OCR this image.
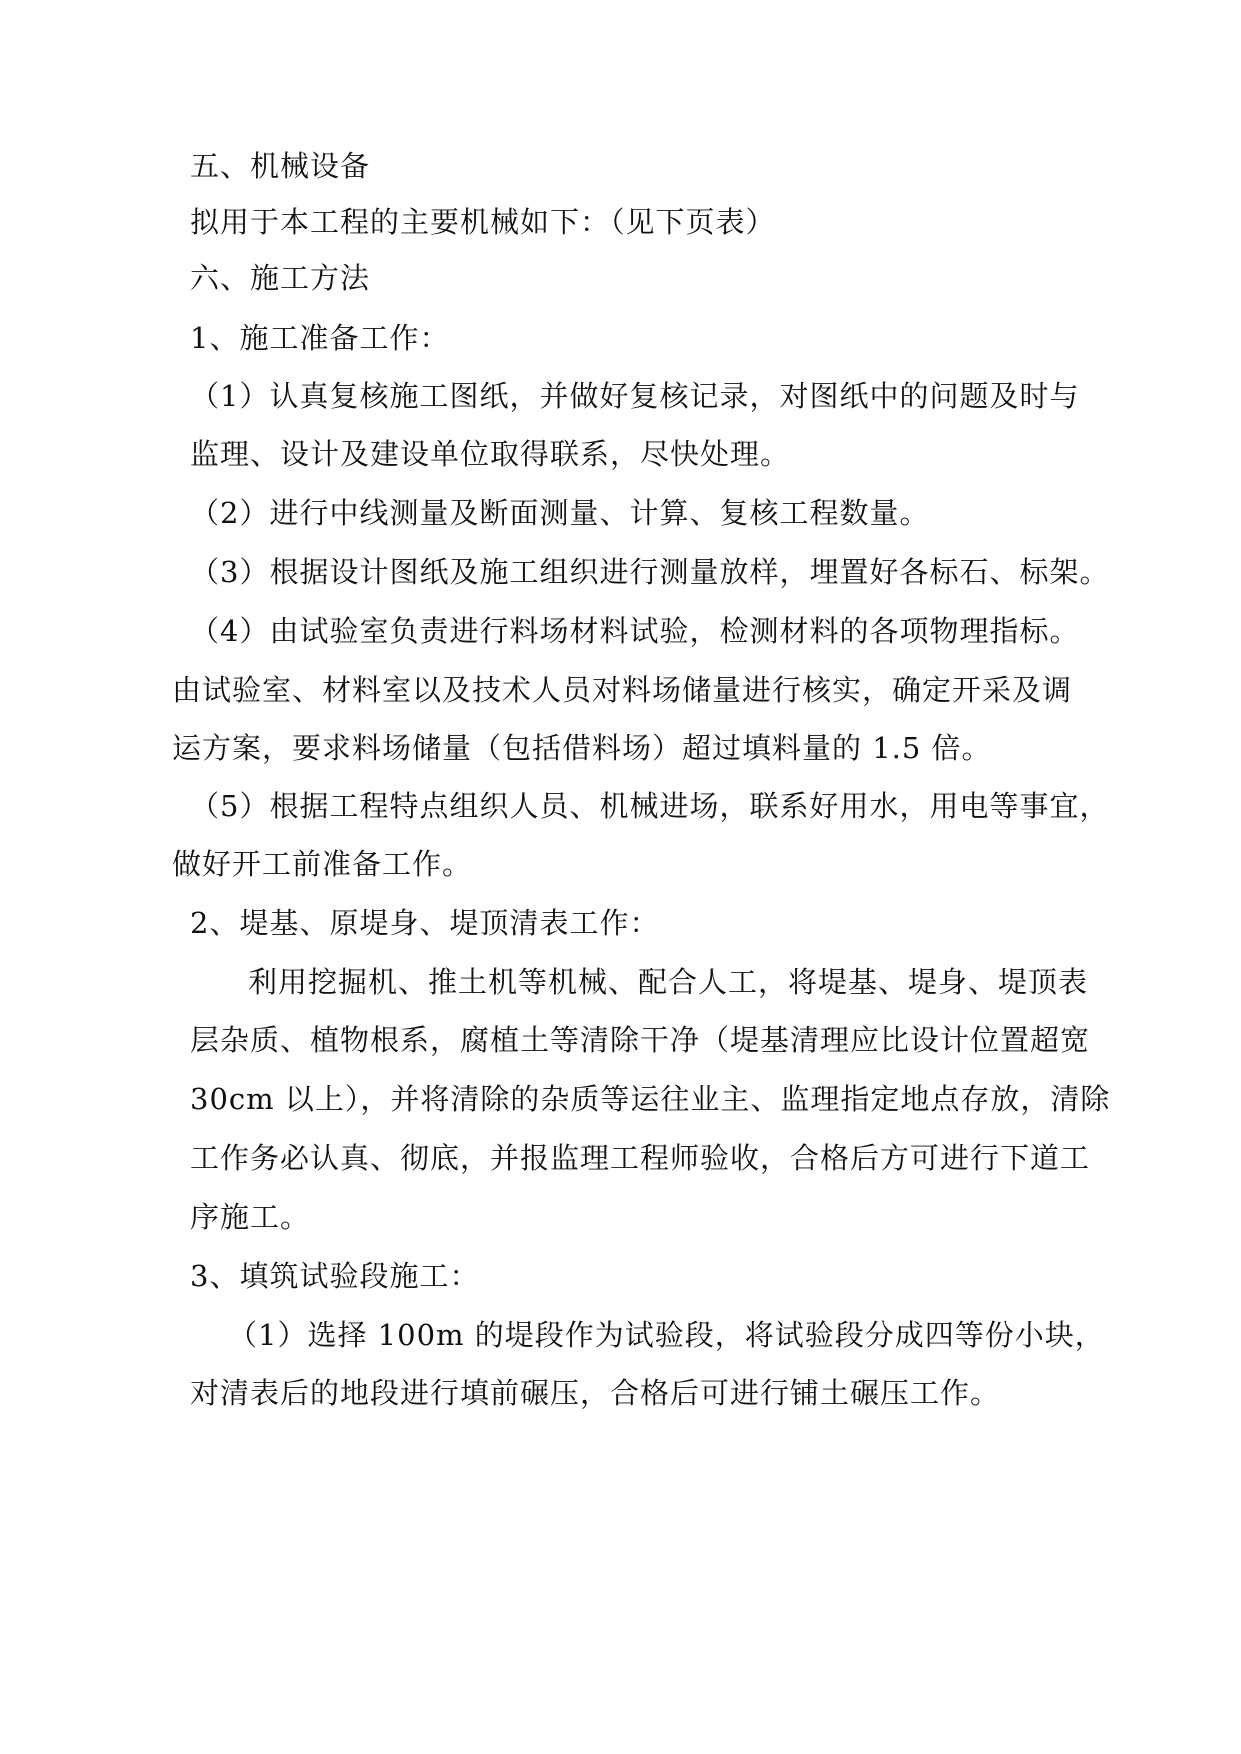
五、机械设备
拟用于本工程的主要机械如下：（见下页表）
六、施工方法
1、施工准备工作：
（1）认真复核施工图纸，并做好复核记录，对图纸中的问题及时与
监理、设计及建设单位取得联系，尽快处理。
（2）进行中线测量及断面测量、计算、复核工程数量。
（3）根据设计图纸及施工组织进行测量放样，埋置好各标石、标架。
（4）由试验室负责进行料场材料试验，检测材料的各项物理指标。
由试验室、材料室以及技术人员对料场储量进行核实，确定开采及调
运方案，要求料场储量（包括借料场）超过填料量的 1.5 倍。
（5）根据工程特点组织人员、机械进场，联系好用水，用电等事宜，
做好开工前准备工作。
2、堤基、原堤身、堤顶清表工作：
利用挖掘机、推土机等机械、配合人工，将堤基、堤身、堤顶表
层杂质、植物根系，腐植土等清除干净（堤基清理应比设计位置超宽
30cm 以上），并将清除的杂质等运往业主、监理指定地点存放，清除
工作务必认真、彻底，并报监理工程师验收，合格后方可进行下道工
序施工。
3、填筑试验段施工：
（1）选择 100m 的堤段作为试验段，将试验段分成四等份小块，
对清表后的地段进行填前碾压，合格后可进行铺土碾压工作。
